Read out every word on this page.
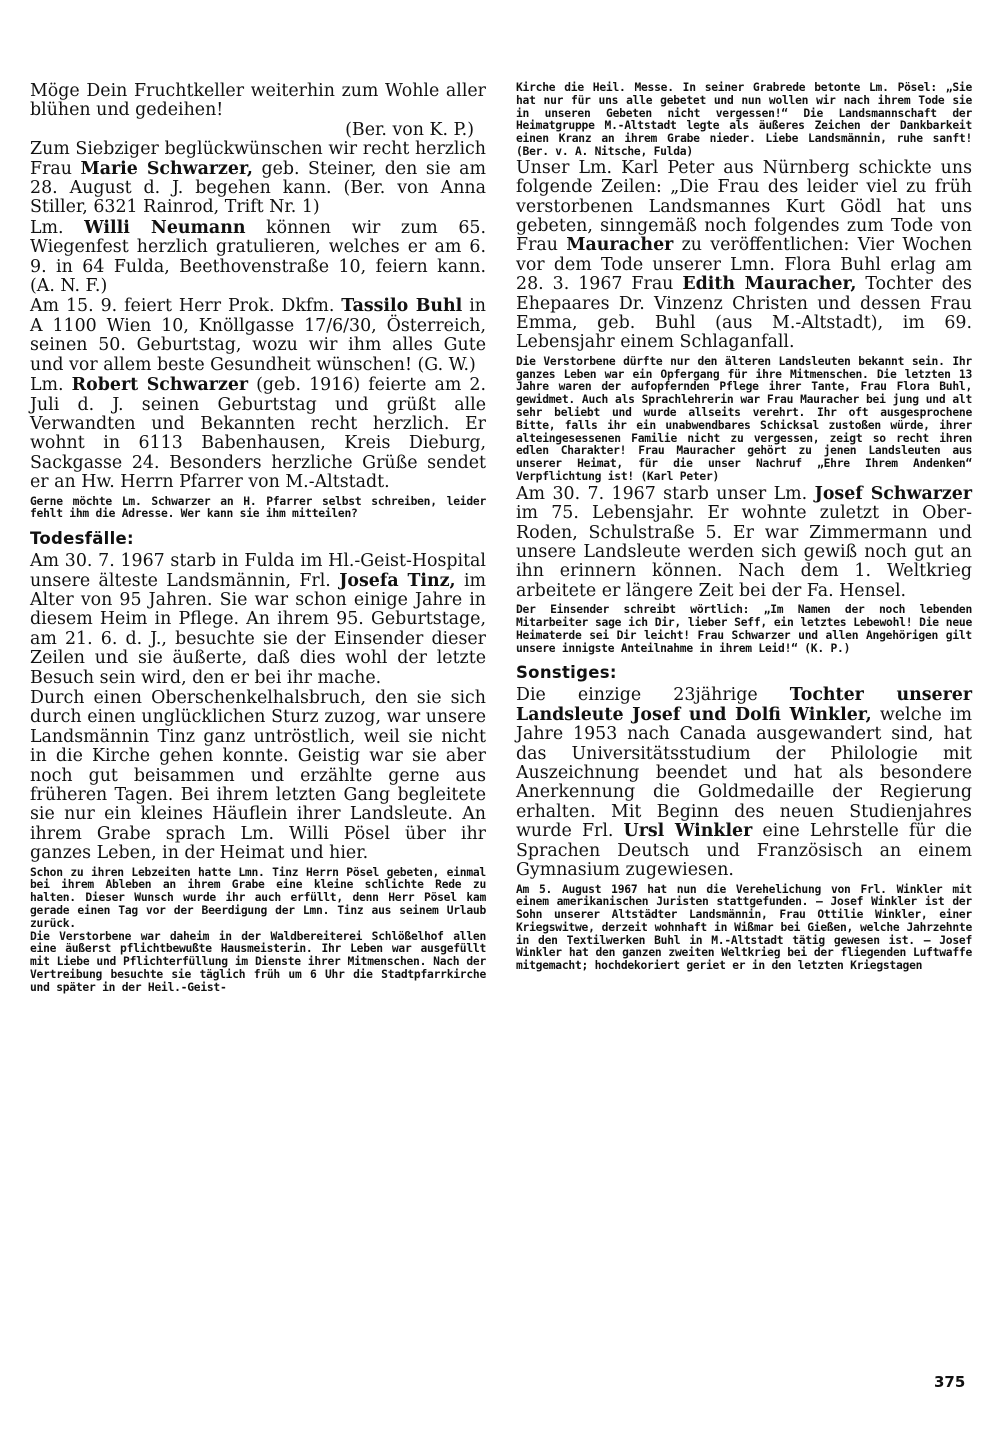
Möge Dein Fruchtkeller weiterhin zum Wohle aller blühen und gedeihen!

(Ber. von K. P.)

Zum Siebziger beglückwünschen wir recht herzlich Frau Marie Schwarzer, geb. Steiner, den sie am 28. August d. J. begehen kann. (Ber. von Anna Stiller, 6321 Rainrod, Trift Nr. 1)

Lm. Willi Neumann können wir zum 65. Wiegenfest herzlich gratulieren, welches er am 6. 9. in 64 Fulda, Beethovenstraße 10, feiern kann. (A. N. F.)

Am 15. 9. feiert Herr Prok. Dkfm. Tassilo Buhl in A 1100 Wien 10, Knöllgasse 17/6/30, Österreich, seinen 50. Geburtstag, wozu wir ihm alles Gute und vor allem beste Gesundheit wünschen! (G. W.)

Lm. Robert Schwarzer (geb. 1916) feierte am 2. Juli d. J. seinen Geburtstag und grüßt alle Verwandten und Bekannten recht herzlich. Er wohnt in 6113 Babenhausen, Kreis Dieburg, Sackgasse 24. Besonders herzliche Grüße sendet er an Hw. Herrn Pfarrer von M.-Altstadt.

Gerne möchte Lm. Schwarzer an H. Pfarrer selbst schreiben, leider fehlt ihm die Adresse. Wer kann sie ihm mitteilen?

Todesfälle:

Am 30. 7. 1967 starb in Fulda im Hl.-Geist-Hospital unsere älteste Landsmännin, Frl. Josefa Tinz, im Alter von 95 Jahren. Sie war schon einige Jahre in diesem Heim in Pflege. An ihrem 95. Geburtstage, am 21. 6. d. J., besuchte sie der Einsender dieser Zeilen und sie äußerte, daß dies wohl der letzte Besuch sein wird, den er bei ihr mache.

Durch einen Oberschenkelhalsbruch, den sie sich durch einen unglücklichen Sturz zuzog, war unsere Landsmännin Tinz ganz untröstlich, weil sie nicht in die Kirche gehen konnte. Geistig war sie aber noch gut beisammen und erzählte gerne aus früheren Tagen. Bei ihrem letzten Gang begleitete sie nur ein kleines Häuflein ihrer Landsleute. An ihrem Grabe sprach Lm. Willi Pösel über ihr ganzes Leben, in der Heimat und hier.

Schon zu ihren Lebzeiten hatte Lmn. Tinz Herrn Pösel gebeten, einmal bei ihrem Ableben an ihrem Grabe eine kleine schlichte Rede zu halten. Dieser Wunsch wurde ihr auch erfüllt, denn Herr Pösel kam gerade einen Tag vor der Beerdigung der Lmn. Tinz aus seinem Urlaub zurück.

Die Verstorbene war daheim in der Waldbereiterei Schlößelhof allen eine äußerst pflichtbewußte Hausmeisterin. Ihr Leben war ausgefüllt mit Liebe und Pflichterfüllung im Dienste ihrer Mitmenschen. Nach der Vertreibung besuchte sie täglich früh um 6 Uhr die Stadtpfarrkirche und später in der Heil.-Geist-

Kirche die Heil. Messe. In seiner Grabrede betonte Lm. Pösel: „Sie hat nur für uns alle gebetet und nun wollen wir nach ihrem Tode sie in unseren Gebeten nicht vergessen!“ Die Landsmannschaft der Heimatgruppe M.-Altstadt legte als äußeres Zeichen der Dankbarkeit einen Kranz an ihrem Grabe nieder. Liebe Landsmännin, ruhe sanft! (Ber. v. A. Nitsche, Fulda)

Unser Lm. Karl Peter aus Nürnberg schickte uns folgende Zeilen: „Die Frau des leider viel zu früh verstorbenen Landsmannes Kurt Gödl hat uns gebeten, sinngemäß noch folgendes zum Tode von Frau Mauracher zu veröffentlichen: Vier Wochen vor dem Tode unserer Lmn. Flora Buhl erlag am 28. 3. 1967 Frau Edith Mauracher, Tochter des Ehepaares Dr. Vinzenz Christen und dessen Frau Emma, geb. Buhl (aus M.-Altstadt), im 69. Lebensjahr einem Schlaganfall.

Die Verstorbene dürfte nur den älteren Landsleuten bekannt sein. Ihr ganzes Leben war ein Opfergang für ihre Mitmenschen. Die letzten 13 Jahre waren der aufopfernden Pflege ihrer Tante, Frau Flora Buhl, gewidmet. Auch als Sprachlehrerin war Frau Mauracher bei jung und alt sehr beliebt und wurde allseits verehrt. Ihr oft ausgesprochene Bitte, falls ihr ein unabwendbares Schicksal zustoßen würde, ihrer alteingesessenen Familie nicht zu vergessen, zeigt so recht ihren edlen Charakter! Frau Mauracher gehört zu jenen Landsleuten aus unserer Heimat, für die unser Nachruf „Ehre Ihrem Andenken“ Verpflichtung ist! (Karl Peter)

Am 30. 7. 1967 starb unser Lm. Josef Schwarzer im 75. Lebensjahr. Er wohnte zuletzt in Ober-Roden, Schulstraße 5. Er war Zimmermann und unsere Landsleute werden sich gewiß noch gut an ihn erinnern können. Nach dem 1. Weltkrieg arbeitete er längere Zeit bei der Fa. Hensel.

Der Einsender schreibt wörtlich: „Im Namen der noch lebenden Mitarbeiter sage ich Dir, lieber Seff, ein letztes Lebewohl! Die neue Heimaterde sei Dir leicht! Frau Schwarzer und allen Angehörigen gilt unsere innigste Anteilnahme in ihrem Leid!“ (K. P.)

Sonstiges:

Die einzige 23jährige Tochter unserer Landsleute Josef und Dolfi Winkler, welche im Jahre 1953 nach Canada ausgewandert sind, hat das Universitätsstudium der Philologie mit Auszeichnung beendet und hat als besondere Anerkennung die Goldmedaille der Regierung erhalten. Mit Beginn des neuen Studienjahres wurde Frl. Ursl Winkler eine Lehrstelle für die Sprachen Deutsch und Französisch an einem Gymnasium zugewiesen.

Am 5. August 1967 hat nun die Verehelichung von Frl. Winkler mit einem amerikanischen Juristen stattgefunden. — Josef Winkler ist der Sohn unserer Altstädter Landsmännin, Frau Ottilie Winkler, einer Kriegswitwe, derzeit wohnhaft in Wißmar bei Gießen, welche Jahrzehnte in den Textilwerken Buhl in M.-Altstadt tätig gewesen ist. — Josef Winkler hat den ganzen zweiten Weltkrieg bei der fliegenden Luftwaffe mitgemacht; hochdekoriert geriet er in den letzten Kriegstagen

375
